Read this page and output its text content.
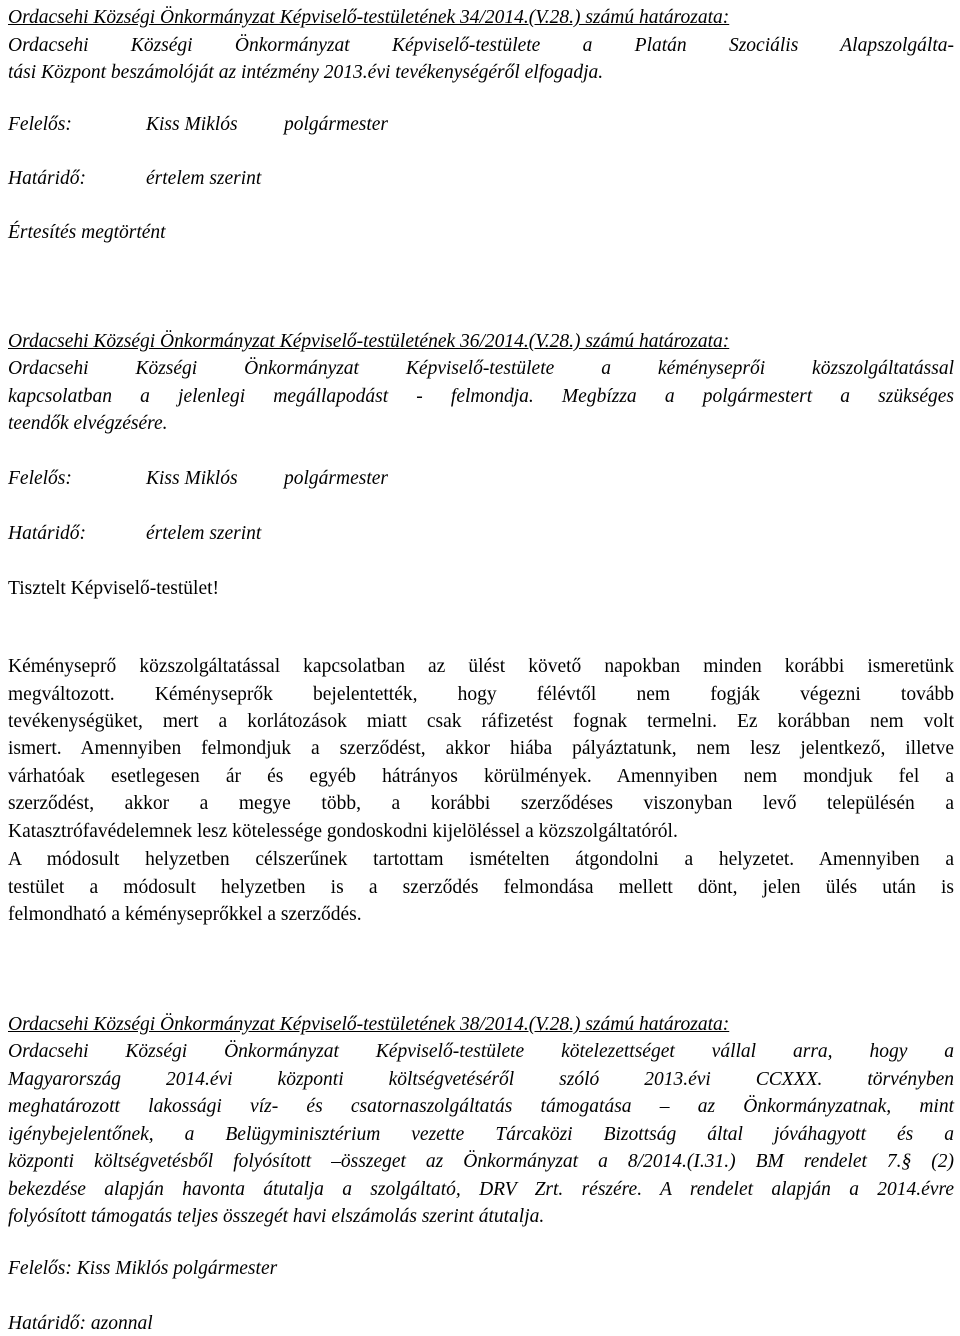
Ordacsehi Községi Önkormányzat Képviselő-testületének 34/2014.(V.28.) számú határozata:
Ordacsehi Községi Önkormányzat Képviselő-testülete a Platán Szociális Alapszolgálta-
tási Központ beszámolóját az intézmény 2013.évi tevékenységéről elfogadja.
Felelős:	Kiss Miklós polgármester
Határidő:	értelem szerint
Értesítés megtörtént
Ordacsehi Községi Önkormányzat Képviselő-testületének 36/2014.(V.28.) számú határozata:
Ordacsehi Községi Önkormányzat Képviselő-testülete a kéményseprői közszolgáltatással
kapcsolatban a jelenlegi megállapodást - felmondja. Megbízza a polgármestert a szükséges
teendők elvégzésére.
Felelős:	Kiss Miklós polgármester
Határidő:	értelem szerint
Tisztelt Képviselő-testület!
Kéményseprő közszolgáltatással kapcsolatban az ülést követő napokban minden korábbi ismeretünk
megváltozott. Kéményseprők bejelentették, hogy félévtől nem fogják végezni tovább
tevékenységüket, mert a korlátozások miatt csak ráfizetést fognak termelni. Ez korábban nem volt
ismert. Amennyiben felmondjuk a szerződést, akkor hiába pályáztatunk, nem lesz jelentkező, illetve
várhatóak esetlegesen ár és egyéb hátrányos körülmények. Amennyiben nem mondjuk fel a
szerződést, akkor a megye több, a korábbi szerződéses viszonyban levő településén a
Katasztrófavédelemnek lesz kötelessége gondoskodni kijelöléssel a közszolgáltatóról.
A módosult helyzetben célszerűnek tartottam ismételten átgondolni a helyzetet. Amennyiben a
testület a módosult helyzetben is a szerződés felmondása mellett dönt, jelen ülés után is
felmondható a kéményseprőkkel a szerződés.
Ordacsehi Községi Önkormányzat Képviselő-testületének 38/2014.(V.28.) számú határozata:
Ordacsehi Községi Önkormányzat Képviselő-testülete kötelezettséget vállal arra, hogy a
Magyarország 2014.évi központi költségvetéséről szóló 2013.évi CCXXX. törvényben
meghatározott lakossági víz- és csatornaszolgáltatás támogatása – az Önkormányzatnak, mint
igénybejelentőnek, a Belügyminisztérium vezette Tárcaközi Bizottság által jóváhagyott és a
központi költségvetésből folyósított –összeget az Önkormányzat a 8/2014.(I.31.) BM rendelet 7.§ (2)
bekezdése alapján havonta átutalja a szolgáltató, DRV Zrt. részére. A rendelet alapján a 2014.évre
folyósított támogatás teljes összegét havi elszámolás szerint átutalja.
Felelős: Kiss Miklós polgármester
Határidő: azonnal
